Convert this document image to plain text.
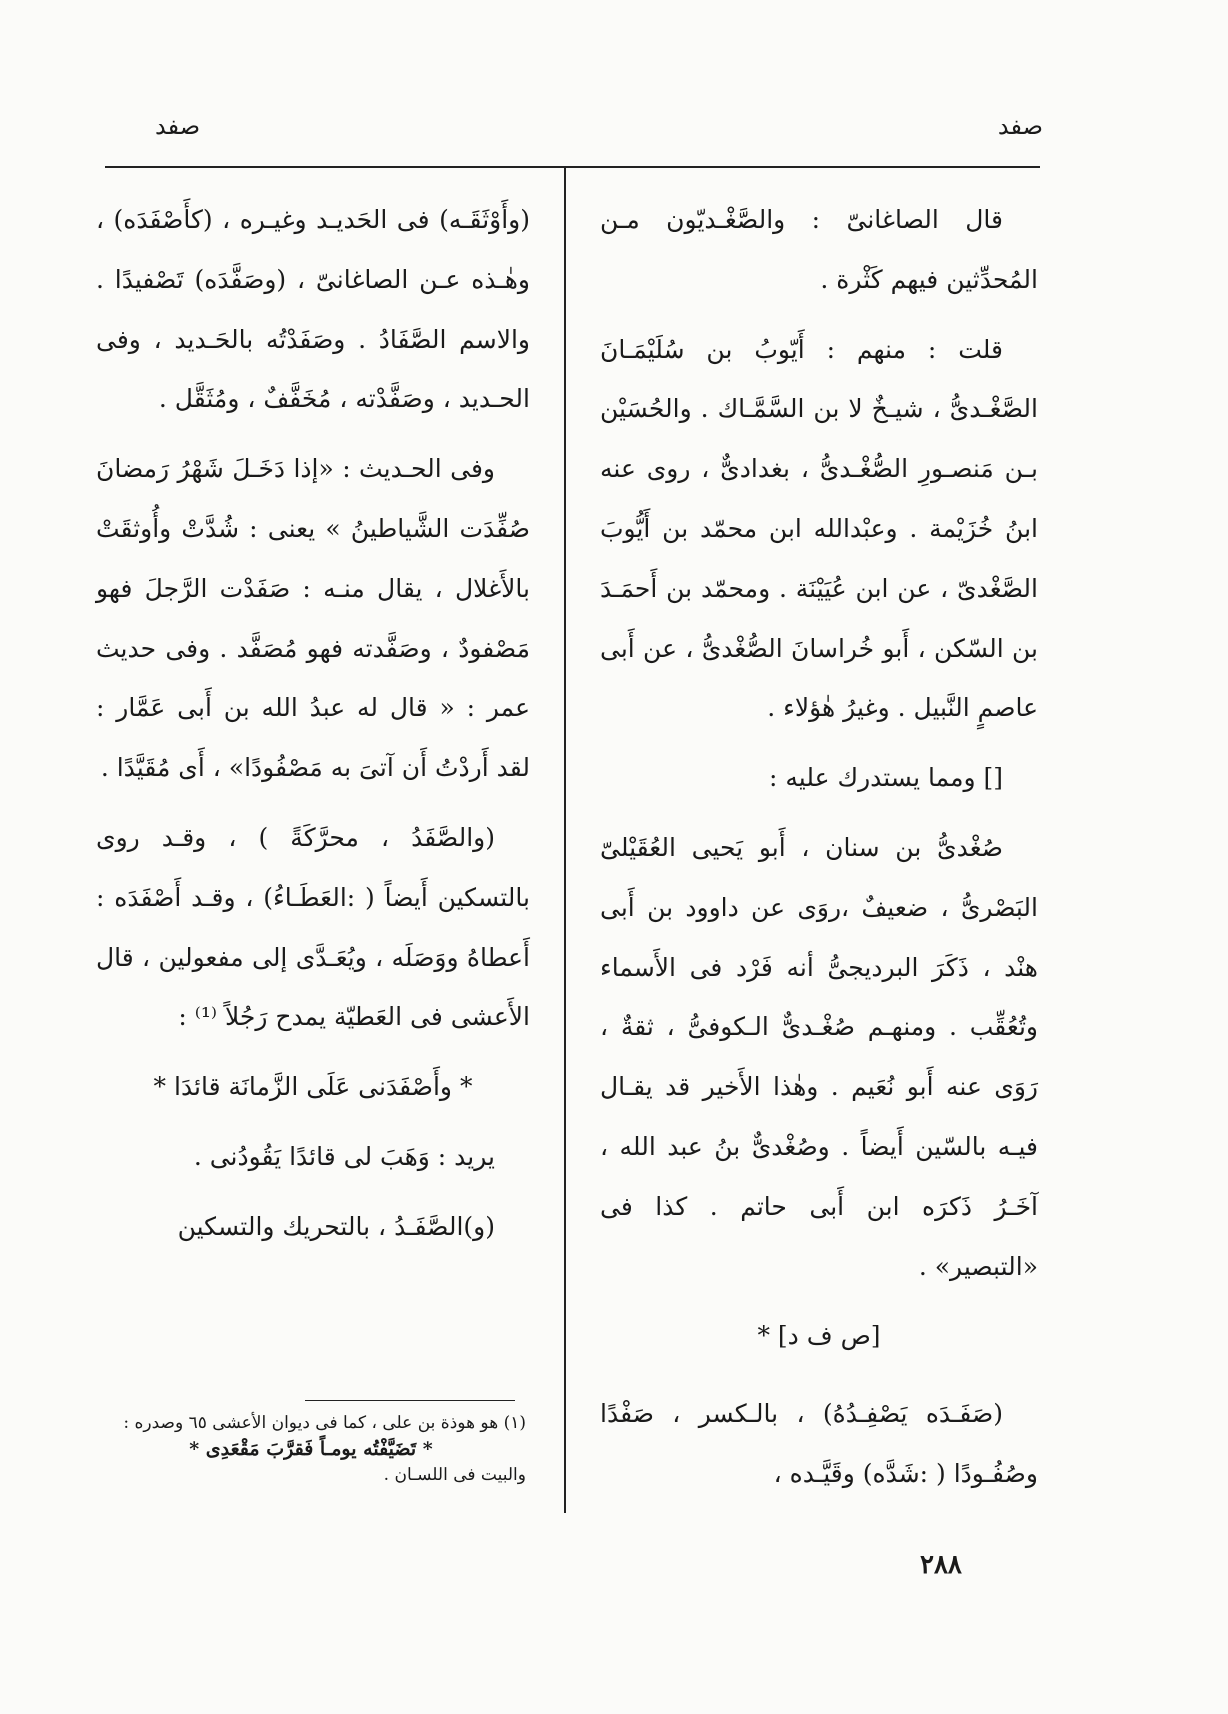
صفد
صفد

قال الصاغانىّ : والصَّغْـديّون مـن المُحدِّثين فيهم كَثْرة .

قلت : منهم : أَيّوبُ بن سُلَيْمَـانَ الصَّغْـدىُّ ، شيـخٌ لا بن السَّمَّـاك . والحُسَيْن بـن مَنصـورِ الصُّغْـدىُّ ، بغدادىٌّ ، روى عنه ابنُ خُزَيْمة . وعبْدالله ابن محمّد بن أَيُّوبَ الصَّغْدىّ ، عن ابن عُيَيْنَة . ومحمّد بن أَحمَـدَ بن السّكن ، أَبو خُراسانَ الصُّغْدىُّ ، عن أَبى عاصمٍ النَّبيل . وغيرُ هٰؤلاء .

[] ومما يستدرك عليه :

صُغْدىُّ بن سنان ، أَبو يَحيى العُقَيْلىّ البَصْرىُّ ، ضعيفٌ ،روَى عن داوود بن أَبى هنْد ، ذَكَرَ البرديجىُّ أنه فَرْد فى الأَسماء وتُعُقِّب . ومنهـم صُغْـدىٌّ الـكوفىُّ ، ثقةٌ ، رَوَى عنه أَبو نُعَيم . وهٰذا الأَخير قد يقـال فيـه بالسّين أَيضاً . وصُغْدىٌّ بنُ عبد الله ، آخَـرُ ذَكرَه ابن أَبى حاتم . كذا فى «التبصير» .

[ص ف د] *

(صَفَـدَه يَصْفِـدُهُ) ، بالـكسر ، صَفْدًا وصُفُـودًا ( :شَدَّه) وقَيَّـده ،

(وأَوْثَقَـه) فى الحَديـد وغيـره ، (كأَصْفَدَه) ، وهٰـذه عـن الصاغانىّ ، (وصَفَّدَه) تَصْفيدًا . والاسم الصَّفَادُ . وصَفَدْتُه بالحَـديد ، وفى الحـديد ، وصَفَّدْته ، مُخَفَّفٌ ، ومُثَقَّل .

وفى الحـديث : «إذا دَخَـلَ شَهْرُ رَمضانَ صُفِّدَت الشَّياطينُ » يعنى : شُدَّتْ وأُوثقَتْ بالأَغلال ، يقال منـه : صَفَدْت الرَّجلَ فهو مَصْفودٌ ، وصَفَّدته فهو مُصَفَّد . وفى حديث عمر : « قال له عبدُ الله بن أَبى عَمَّار : لقد أَردْتُ أَن آتىَ به مَصْفُودًا» ، أَى مُقَيَّدًا .

(والصَّفَدُ ، محرَّكَةً ) ، وقـد روى بالتسكين أَيضاً ( :العَطَـاءُ) ، وقـد أَصْفَدَه : أَعطاهُ ووَصَلَه ، ويُعَـدَّى إلى مفعولين ، قال الأَعشى فى العَطيّة يمدح رَجُلاً ⁽¹⁾ :

* وأَصْفَدَنى عَلَى الزَّمانَة قائدَا *

يريد : وَهَبَ لى قائدًا يَقُودُنى .

(و)الصَّفَـدُ ، بالتحريك والتسكين

(١) هو هوذة بن على ، كما فى ديوان الأعشى ٦٥ وصدره :
* تَضَيَّفْتُه يومـاً فَقرَّبَ مَقْعَدِى *
والبيت فى اللسـان .
٢٨٨
